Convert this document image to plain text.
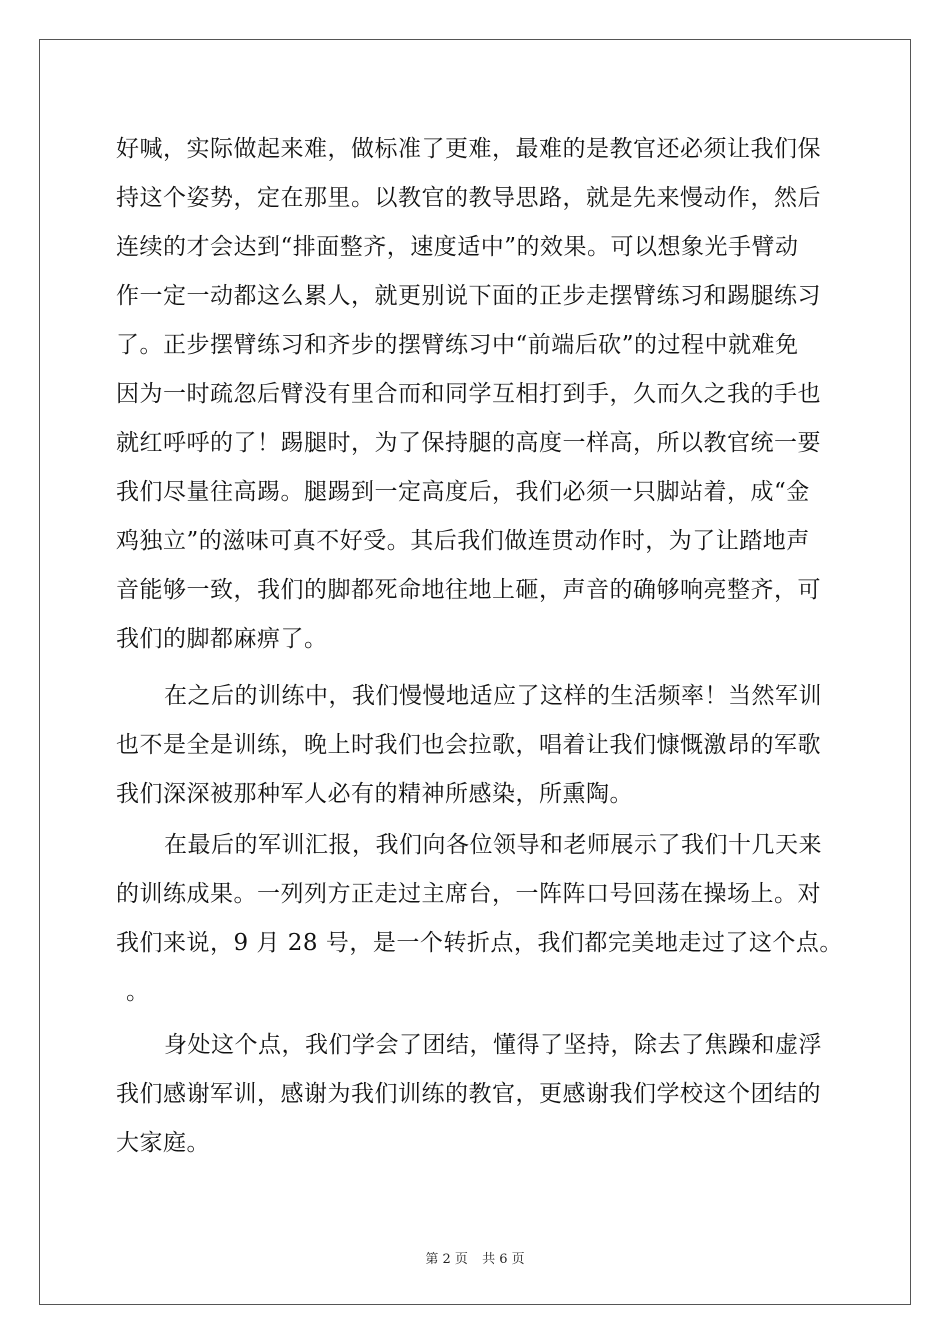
好喊，实际做起来难，做标准了更难，最难的是教官还必须让我们保
持这个姿势，定在那里。以教官的教导思路，就是先来慢动作，然后
连续的才会达到“排面整齐，速度适中”的效果。可以想象光手臂动
作一定一动都这么累人，就更别说下面的正步走摆臂练习和踢腿练习
了。正步摆臂练习和齐步的摆臂练习中“前端后砍”的过程中就难免
因为一时疏忽后臂没有里合而和同学互相打到手，久而久之我的手也
就红呼呼的了！踢腿时，为了保持腿的高度一样高，所以教官统一要
我们尽量往高踢。腿踢到一定高度后，我们必须一只脚站着，成“金
鸡独立”的滋味可真不好受。其后我们做连贯动作时，为了让踏地声
音能够一致，我们的脚都死命地往地上砸，声音的确够响亮整齐，可
我们的脚都麻痹了。
在之后的训练中，我们慢慢地适应了这样的生活频率！当然军训
也不是全是训练，晚上时我们也会拉歌，唱着让我们慷慨激昂的军歌
我们深深被那种军人必有的精神所感染，所熏陶。
在最后的军训汇报，我们向各位领导和老师展示了我们十几天来
的训练成果。一列列方正走过主席台，一阵阵口号回荡在操场上。对
我们来说，9 月 28 号，是一个转折点，我们都完美地走过了这个点。
。
身处这个点，我们学会了团结，懂得了坚持，除去了焦躁和虚浮
我们感谢军训，感谢为我们训练的教官，更感谢我们学校这个团结的
大家庭。
第 2 页 共 6 页
